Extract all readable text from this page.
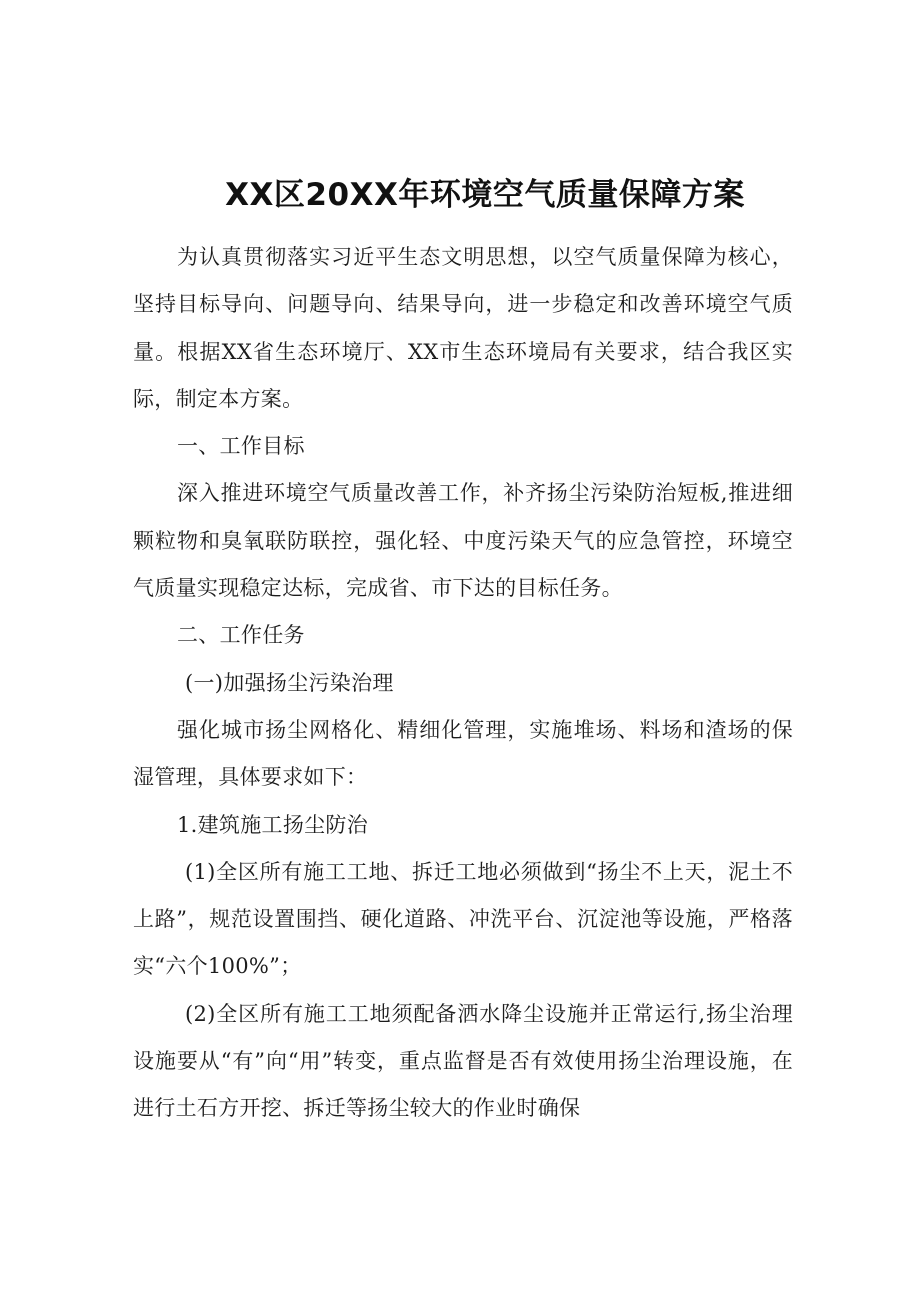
XX区20XX年环境空气质量保障方案

为认真贯彻落实习近平生态文明思想，以空气质量保障为核心，坚持目标导向、问题导向、结果导向，进一步稳定和改善环境空气质量。根据XX省生态环境厅、XX市生态环境局有关要求，结合我区实际，制定本方案。

一、工作目标

深入推进环境空气质量改善工作，补齐扬尘污染防治短板,推进细颗粒物和臭氧联防联控，强化轻、中度污染天气的应急管控，环境空气质量实现稳定达标，完成省、市下达的目标任务。

二、工作任务

(一)加强扬尘污染治理

强化城市扬尘网格化、精细化管理，实施堆场、料场和渣场的保湿管理，具体要求如下：

1.建筑施工扬尘防治

(1)全区所有施工工地、拆迁工地必须做到“扬尘不上天，泥土不上路”，规范设置围挡、硬化道路、冲洗平台、沉淀池等设施，严格落实“六个100%”；

(2)全区所有施工工地须配备洒水降尘设施并正常运行,扬尘治理设施要从“有”向“用”转变，重点监督是否有效使用扬尘治理设施，在进行土石方开挖、拆迁等扬尘较大的作业时确保
